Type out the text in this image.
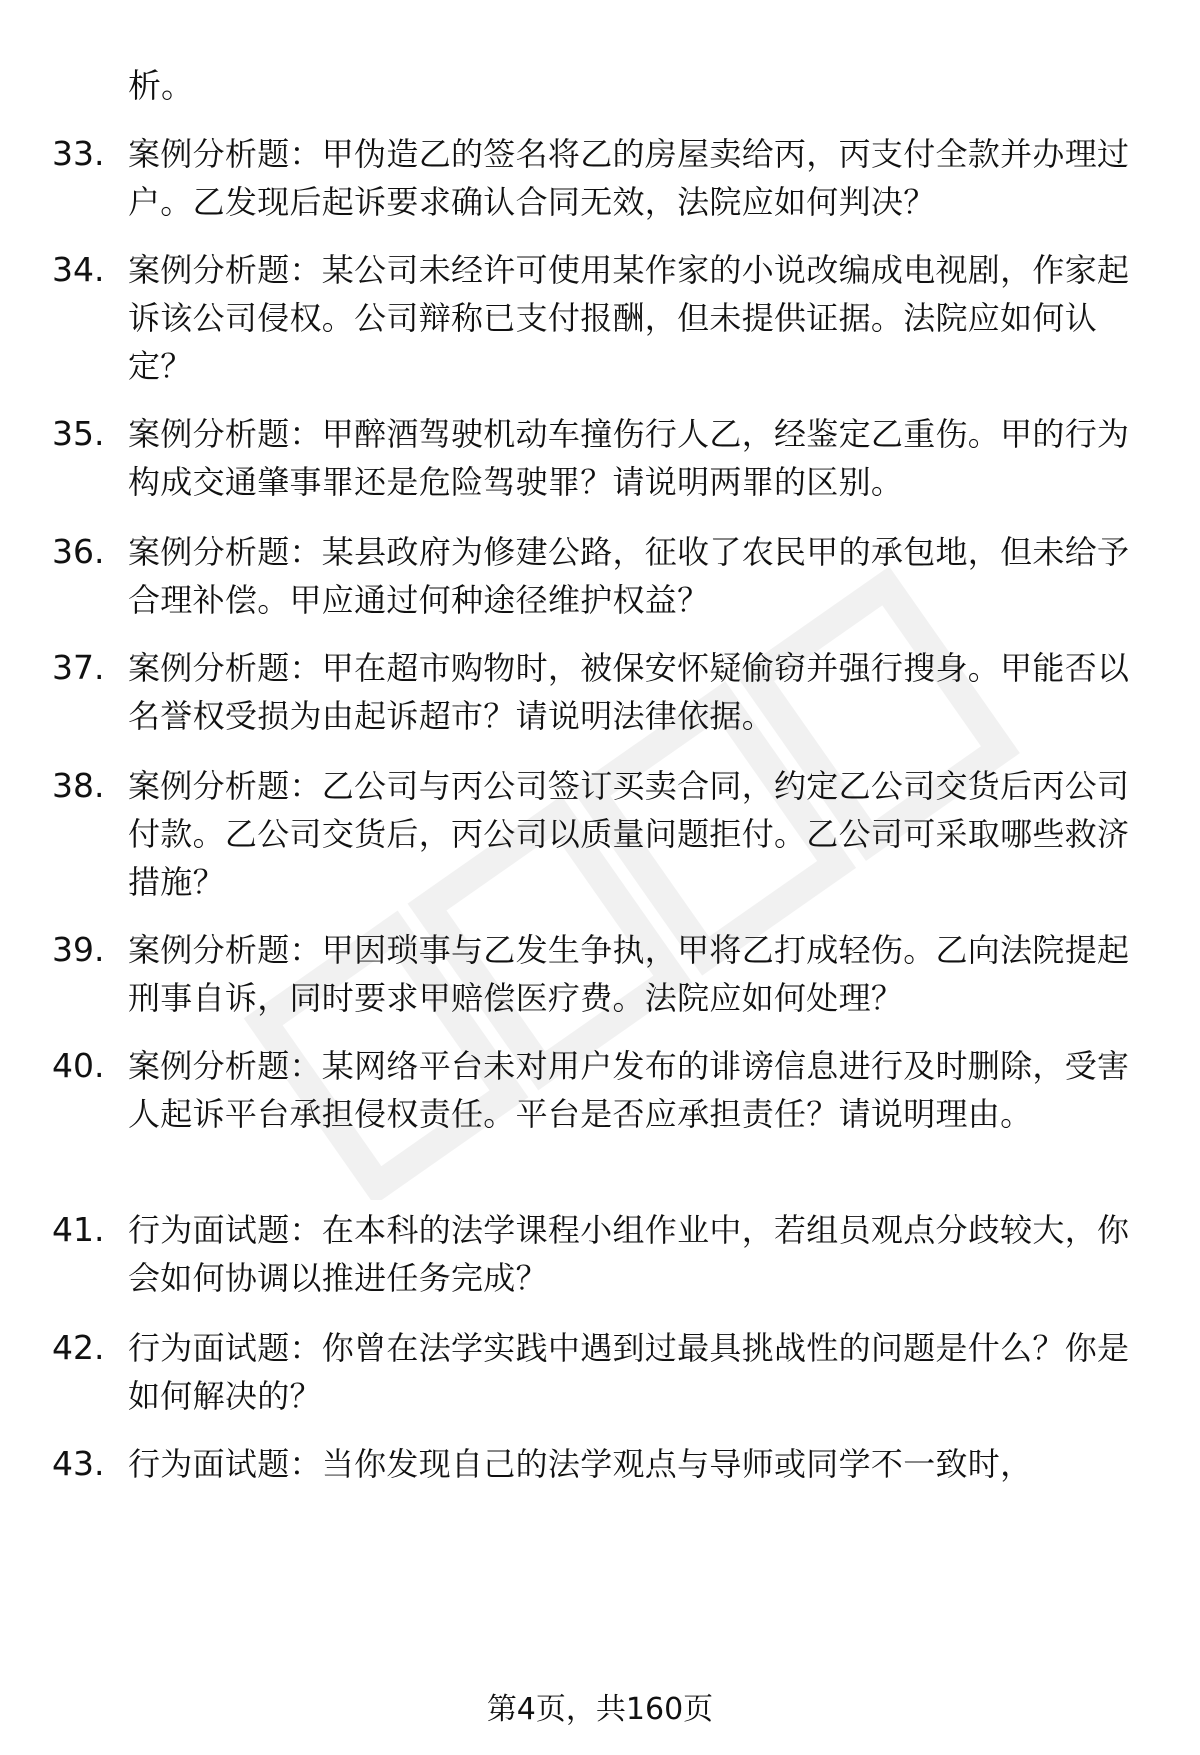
析。

33. 案例分析题：甲伪造乙的签名将乙的房屋卖给丙，丙支付全款并办理过户。乙发现后起诉要求确认合同无效，法院应如何判决？
34. 案例分析题：某公司未经许可使用某作家的小说改编成电视剧，作家起诉该公司侵权。公司辩称已支付报酬，但未提供证据。法院应如何认定？
35. 案例分析题：甲醉酒驾驶机动车撞伤行人乙，经鉴定乙重伤。甲的行为构成交通肇事罪还是危险驾驶罪？请说明两罪的区别。
36. 案例分析题：某县政府为修建公路，征收了农民甲的承包地，但未给予合理补偿。甲应通过何种途径维护权益？
37. 案例分析题：甲在超市购物时，被保安怀疑偷窃并强行搜身。甲能否以名誉权受损为由起诉超市？请说明法律依据。
38. 案例分析题：乙公司与丙公司签订买卖合同，约定乙公司交货后丙公司付款。乙公司交货后，丙公司以质量问题拒付。乙公司可采取哪些救济措施？
39. 案例分析题：甲因琐事与乙发生争执，甲将乙打成轻伤。乙向法院提起刑事自诉，同时要求甲赔偿医疗费。法院应如何处理？
40. 案例分析题：某网络平台未对用户发布的诽谤信息进行及时删除，受害人起诉平台承担侵权责任。平台是否应承担责任？请说明理由。
41. 行为面试题：在本科的法学课程小组作业中，若组员观点分歧较大，你会如何协调以推进任务完成？
42. 行为面试题：你曾在法学实践中遇到过最具挑战性的问题是什么？你是如何解决的？
43. 行为面试题：当你发现自己的法学观点与导师或同学不一致时，
第4页，共160页
